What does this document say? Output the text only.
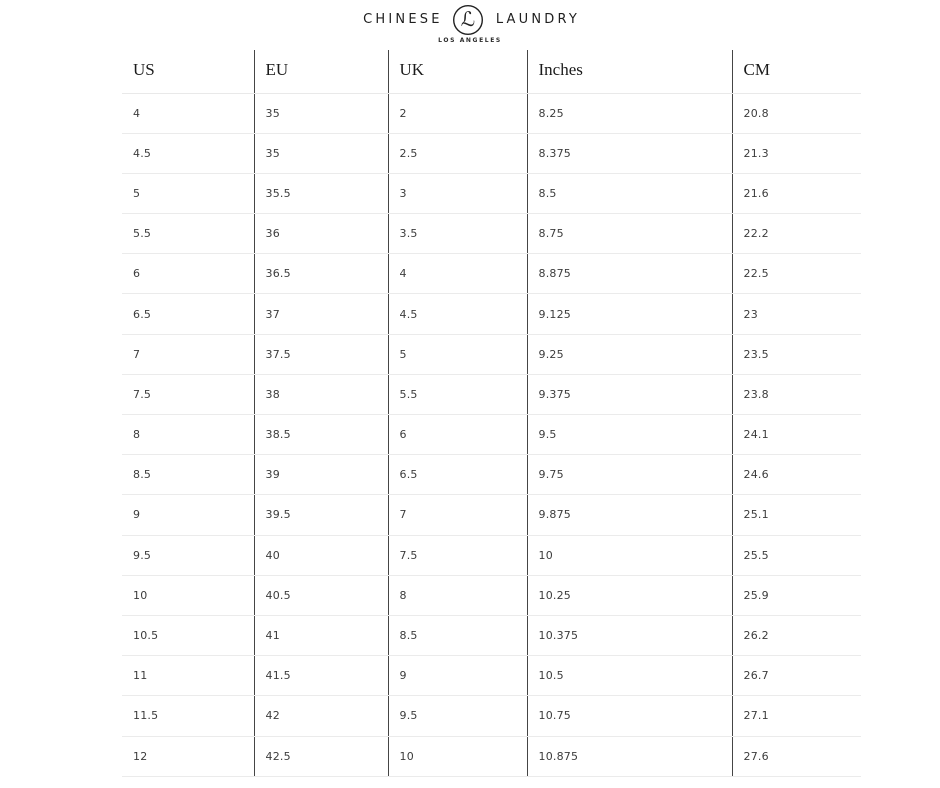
CHINESE ℒ LAUNDRY
LOS ANGELES
US	EU	UK	Inches	CM
4	35	2	8.25	20.8
4.5	35	2.5	8.375	21.3
5	35.5	3	8.5	21.6
5.5	36	3.5	8.75	22.2
6	36.5	4	8.875	22.5
6.5	37	4.5	9.125	23
7	37.5	5	9.25	23.5
7.5	38	5.5	9.375	23.8
8	38.5	6	9.5	24.1
8.5	39	6.5	9.75	24.6
9	39.5	7	9.875	25.1
9.5	40	7.5	10	25.5
10	40.5	8	10.25	25.9
10.5	41	8.5	10.375	26.2
11	41.5	9	10.5	26.7
11.5	42	9.5	10.75	27.1
12	42.5	10	10.875	27.6
